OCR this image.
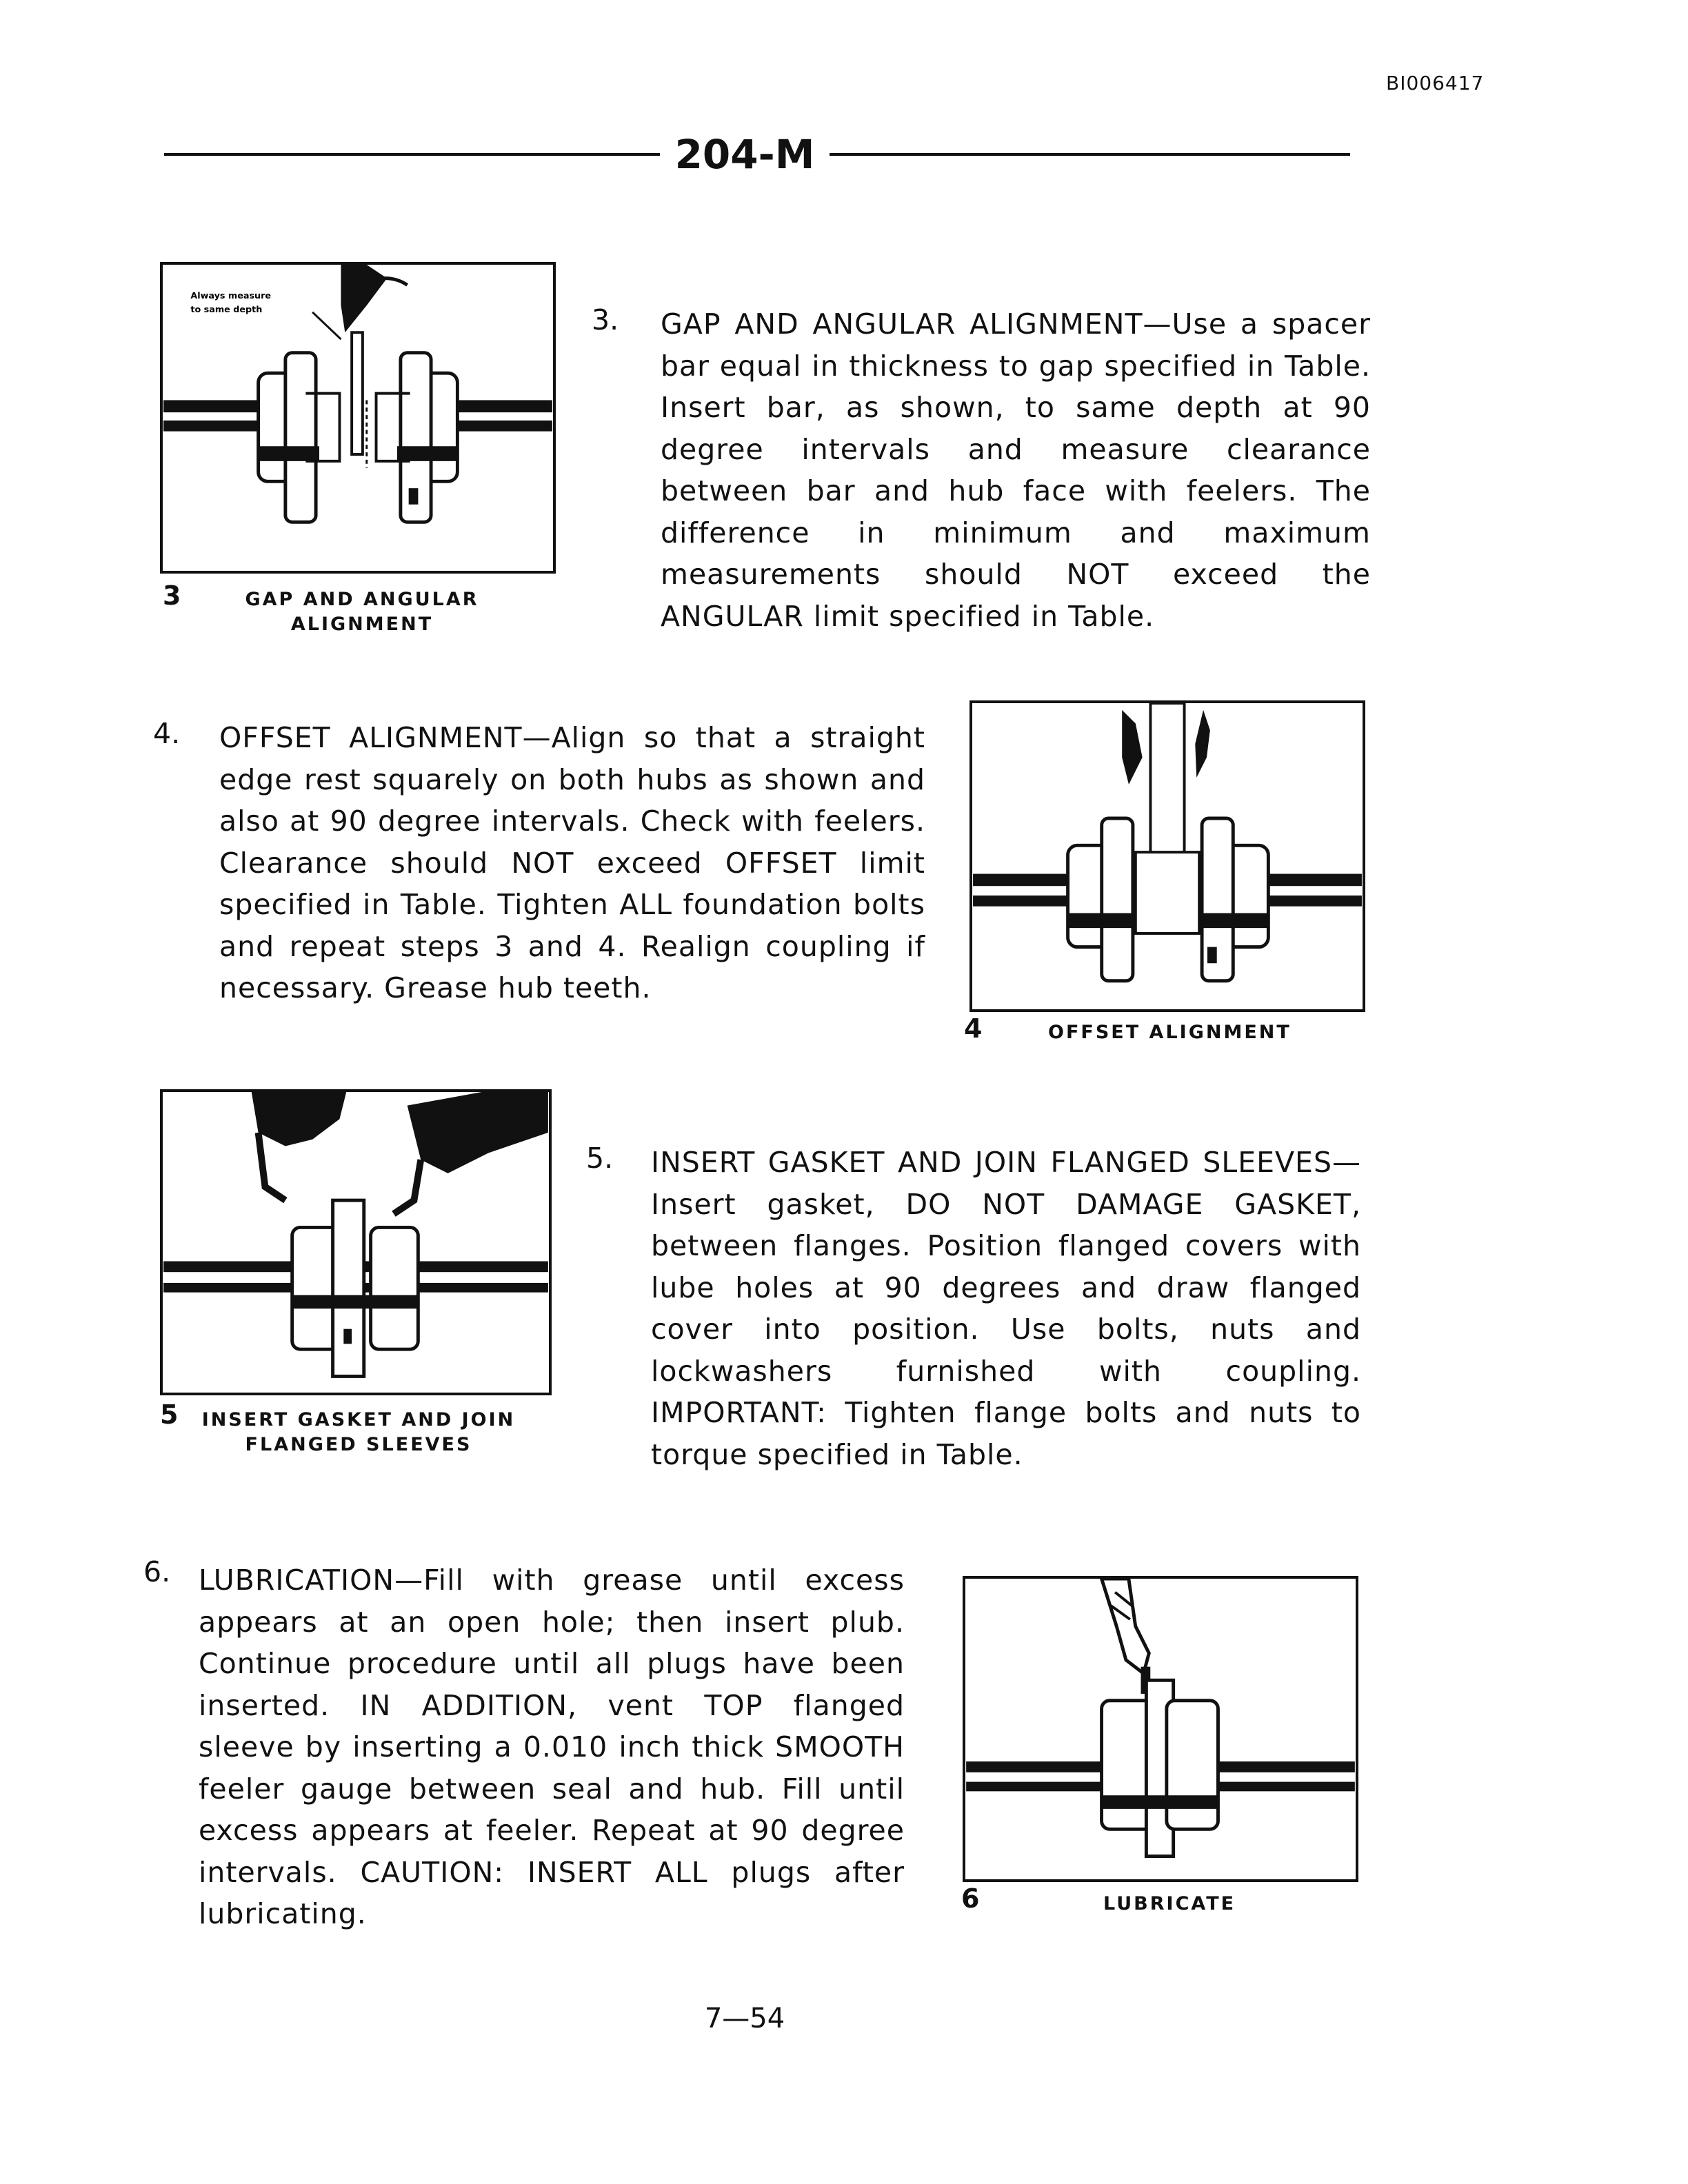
BI006417
204-M
Always measure
to same depth
3	GAP AND ANGULAR
ALIGNMENT
3. GAP AND ANGULAR ALIGNMENT—Use a spacer bar equal in thickness to gap specified in Table. Insert bar, as shown, to same depth at 90 degree intervals and measure clearance between bar and hub face with feelers. The difference in minimum and maximum measurements should NOT exceed the ANGULAR limit specified in Table.
4. OFFSET ALIGNMENT—Align so that a straight edge rest squarely on both hubs as shown and also at 90 degree intervals. Check with feelers. Clearance should NOT exceed OFFSET limit specified in Table. Tighten ALL foundation bolts and repeat steps 3 and 4. Realign coupling if necessary. Grease hub teeth.
4	OFFSET ALIGNMENT
5 INSERT GASKET AND JOIN
FLANGED SLEEVES
5. INSERT GASKET AND JOIN FLANGED SLEEVES—Insert gasket, DO NOT DAMAGE GASKET, between flanges. Position flanged covers with lube holes at 90 degrees and draw flanged cover into position. Use bolts, nuts and lockwashers furnished with coupling. IMPORTANT: Tighten flange bolts and nuts to torque specified in Table.
6. LUBRICATION—Fill with grease until excess appears at an open hole; then insert plub. Continue procedure until all plugs have been inserted. IN ADDITION, vent TOP flanged sleeve by inserting a 0.010 inch thick SMOOTH feeler gauge between seal and hub. Fill until excess appears at feeler. Repeat at 90 degree intervals. CAUTION: INSERT ALL plugs after lubricating.	6	LUBRICATE
7—54
